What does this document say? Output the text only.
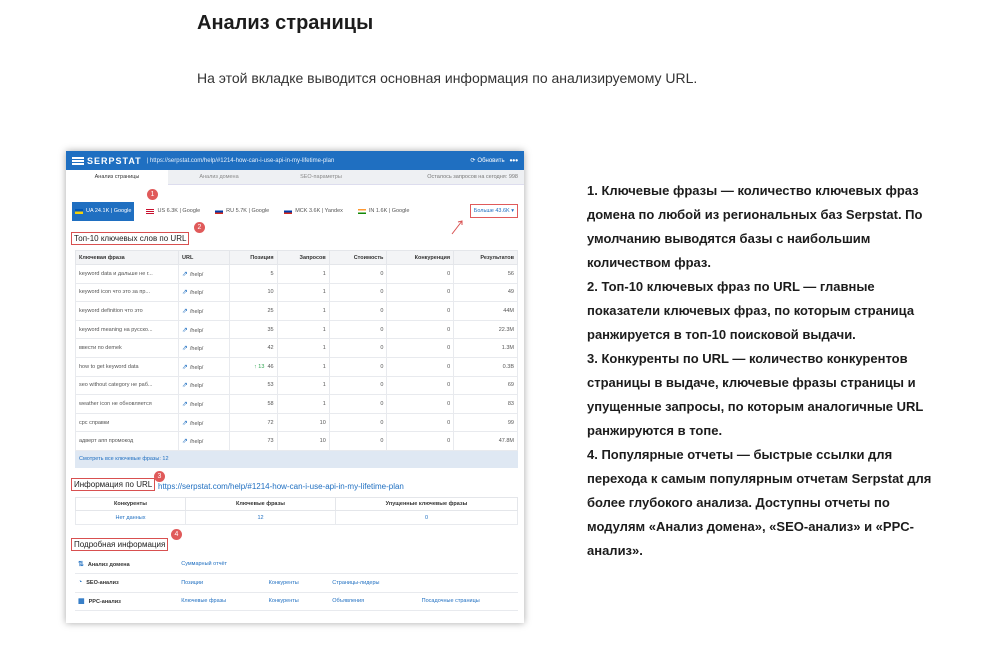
Анализ страницы
На этой вкладке выводится основная информация по анализируемому URL.
SERPSTAT | https://serpstat.com/help/#1214-how-can-i-use-api-in-my-lifetime-plan	⟳ Обновить •••
Анализ страницы	Анализ домена	SEO-параметры	Осталось запросов на сегодня: 998
UA 24.1K | Google	US 6.3K | Google	RU 5.7K | Google	MCK 3.6K | Yandex	IN 1.6K | Google	Больше 43.6K ▾
1
Топ-10 ключевых слов по URL
2
Ключевая фраза	URL	Позиция	Запросов	Стоимость	Конкуренция	Результатов
keyword data и дальше не г...	⇗ /help/	5	1	0	0	56
keyword icon что это за пр...	⇗ /help/	10	1	0	0	49
keyword definition что это	⇗ /help/	25	1	0	0	44M
keyword meaning на русско...	⇗ /help/	35	1	0	0	22.3M
ввести по demek	⇗ /help/	42	1	0	0	1.3M
how to get keyword data	⇗ /help/	↑ 13 46	1	0	0	0.3B
seo without category не раб...	⇗ /help/	53	1	0	0	69
weather icon не обновляется	⇗ /help/	58	1	0	0	83
cpc справки	⇗ /help/	72	10	0	0	99
адверт апп промокод	⇗ /help/	73	10	0	0	47.8M
Смотреть все ключевые фразы: 12
Информация по URL
3
https://serpstat.com/help/#1214-how-can-i-use-api-in-my-lifetime-plan
Конкуренты	Ключевые фразы	Упущенные ключевые фразы
Нет данных	12	0
Подробная информация
4
⇅ Анализ домена	Суммарный отчёт			
◔ SEO-анализ	Позиции	Конкуренты	Страницы-лидеры	
▦ PPC-анализ	Ключевые фразы	Конкуренты	Объявления	Посадочные страницы

1. Ключевые фразы — количество ключевых фраз домена по любой из региональных баз Serpstat. По умолчанию выводятся базы с наибольшим количеством фраз.

2. Топ-10 ключевых фраз по URL — главные показатели ключевых фраз, по которым страница ранжируется в топ-10 поисковой выдачи.

3. Конкуренты по URL — количество конкурентов страницы в выдаче, ключевые фразы страницы и упущенные запросы, по которым аналогичные URL ранжируются в топе.

4. Популярные отчеты — быстрые ссылки для перехода к самым популярным отчетам Serpstat для более глубокого анализа. Доступны отчеты по модулям «Анализ домена», «SEO-анализ» и «PPC-анализ».
